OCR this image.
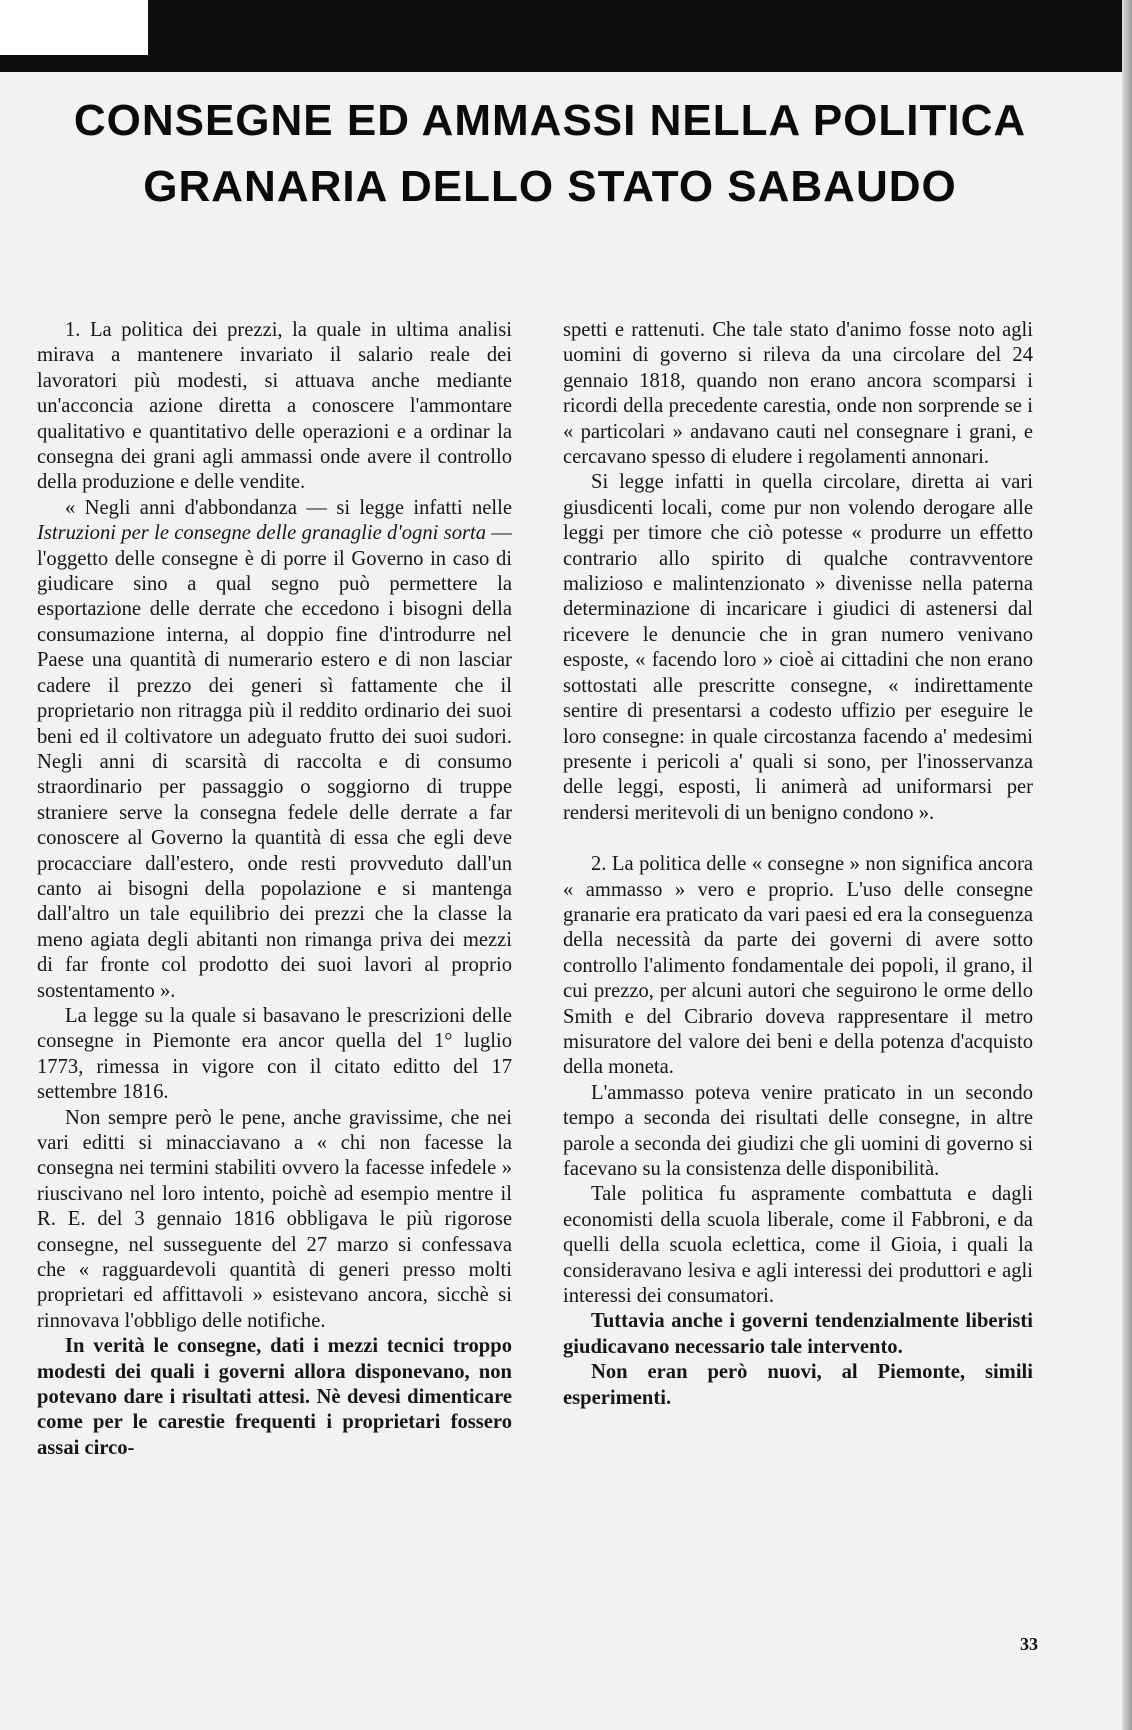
CONSEGNE ED AMMASSI NELLA POLITICA
GRANARIA DELLO STATO SABAUDO

1. La politica dei prezzi, la quale in ultima analisi mirava a mantenere invariato il salario reale dei lavoratori più modesti, si attuava anche mediante un'acconcia azione diretta a conoscere l'ammontare qualitativo e quantitativo delle operazioni e a ordinar la consegna dei grani agli ammassi onde avere il controllo della produzione e delle vendite.

« Negli anni d'abbondanza — si legge infatti nelle Istruzioni per le consegne delle granaglie d'ogni sorta — l'oggetto delle consegne è di porre il Governo in caso di giudicare sino a qual segno può permettere la esportazione delle derrate che eccedono i bisogni della consumazione interna, al doppio fine d'introdurre nel Paese una quantità di numerario estero e di non lasciar cadere il prezzo dei generi sì fattamente che il proprietario non ritragga più il reddito ordinario dei suoi beni ed il coltivatore un adeguato frutto dei suoi sudori. Negli anni di scarsità di raccolta e di consumo straordinario per passaggio o soggiorno di truppe straniere serve la consegna fedele delle derrate a far conoscere al Governo la quantità di essa che egli deve procacciare dall'estero, onde resti provveduto dall'un canto ai bisogni della popolazione e si mantenga dall'altro un tale equilibrio dei prezzi che la classe la meno agiata degli abitanti non rimanga priva dei mezzi di far fronte col prodotto dei suoi lavori al proprio sostentamento ».

La legge su la quale si basavano le prescrizioni delle consegne in Piemonte era ancor quella del 1° luglio 1773, rimessa in vigore con il citato editto del 17 settembre 1816.

Non sempre però le pene, anche gravissime, che nei vari editti si minacciavano a « chi non facesse la consegna nei termini stabiliti ovvero la facesse infedele » riuscivano nel loro intento, poichè ad esempio mentre il R. E. del 3 gennaio 1816 obbligava le più rigorose consegne, nel susseguente del 27 marzo si confessava che « ragguardevoli quantità di generi presso molti proprietari ed affittavoli » esistevano ancora, sicchè si rinnovava l'obbligo delle notifiche.

In verità le consegne, dati i mezzi tecnici troppo modesti dei quali i governi allora disponevano, non potevano dare i risultati attesi. Nè devesi dimenticare come per le carestie frequenti i proprietari fossero assai circo-

spetti e rattenuti. Che tale stato d'animo fosse noto agli uomini di governo si rileva da una circolare del 24 gennaio 1818, quando non erano ancora scomparsi i ricordi della precedente carestia, onde non sorprende se i « particolari » andavano cauti nel consegnare i grani, e cercavano spesso di eludere i regolamenti annonari.

Si legge infatti in quella circolare, diretta ai vari giusdicenti locali, come pur non volendo derogare alle leggi per timore che ciò potesse « produrre un effetto contrario allo spirito di qualche contravventore malizioso e malintenzionato » divenisse nella paterna determinazione di incaricare i giudici di astenersi dal ricevere le denuncie che in gran numero venivano esposte, « facendo loro » cioè ai cittadini che non erano sottostati alle prescritte consegne, « indirettamente sentire di presentarsi a codesto uffizio per eseguire le loro consegne: in quale circostanza facendo a' medesimi presente i pericoli a' quali si sono, per l'inosservanza delle leggi, esposti, li animerà ad uniformarsi per rendersi meritevoli di un benigno condono ».

2. La politica delle « consegne » non significa ancora « ammasso » vero e proprio. L'uso delle consegne granarie era praticato da vari paesi ed era la conseguenza della necessità da parte dei governi di avere sotto controllo l'alimento fondamentale dei popoli, il grano, il cui prezzo, per alcuni autori che seguirono le orme dello Smith e del Cibrario doveva rappresentare il metro misuratore del valore dei beni e della potenza d'acquisto della moneta.

L'ammasso poteva venire praticato in un secondo tempo a seconda dei risultati delle consegne, in altre parole a seconda dei giudizi che gli uomini di governo si facevano su la consistenza delle disponibilità.

Tale politica fu aspramente combattuta e dagli economisti della scuola liberale, come il Fabbroni, e da quelli della scuola eclettica, come il Gioia, i quali la consideravano lesiva e agli interessi dei produttori e agli interessi dei consumatori.

Tuttavia anche i governi tendenzialmente liberisti giudicavano necessario tale intervento.

Non eran però nuovi, al Piemonte, simili esperimenti.

33
